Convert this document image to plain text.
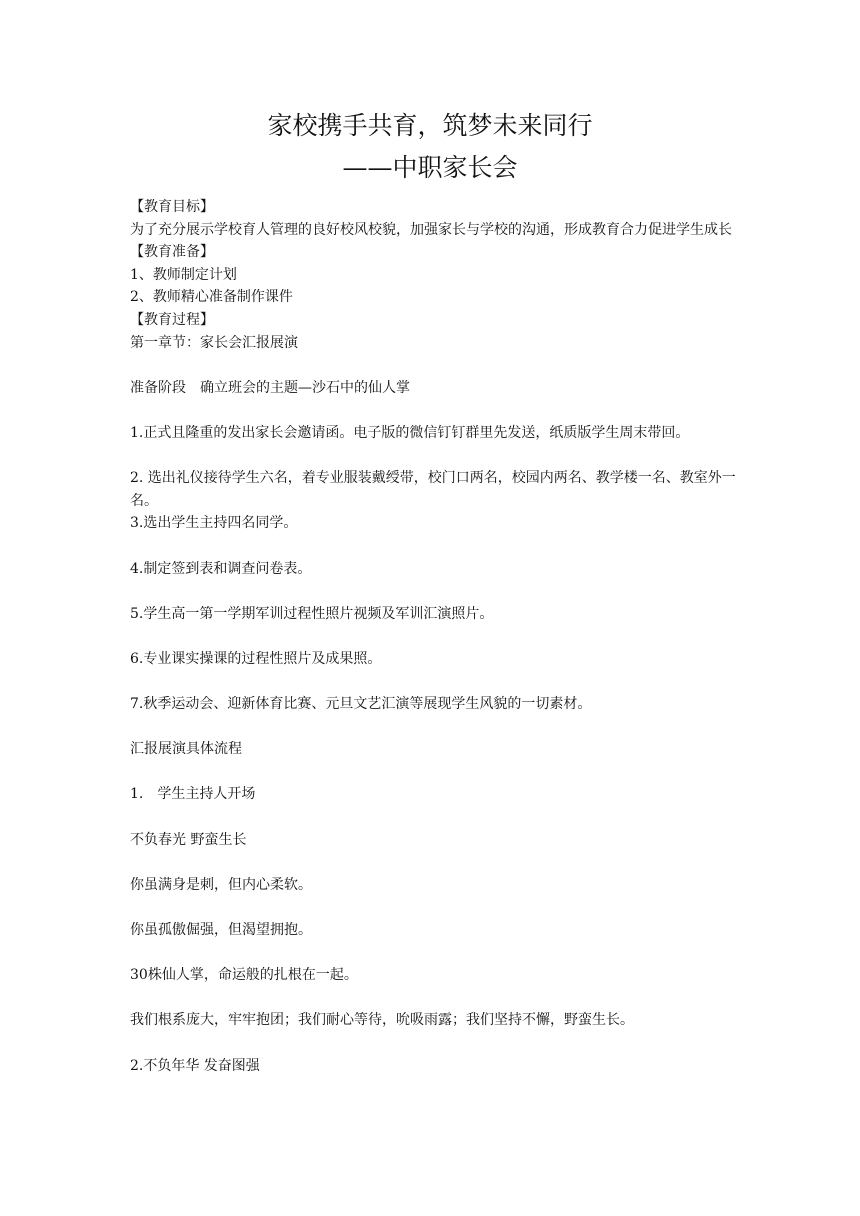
家校携手共育，筑梦未来同行
——中职家长会

【教育目标】

为了充分展示学校育人管理的良好校风校貌，加强家长与学校的沟通，形成教育合力促进学生成长

【教育准备】

1、教师制定计划

2、教师精心准备制作课件

【教育过程】

第一章节：家长会汇报展演

准备阶段　确立班会的主题—沙石中的仙人掌

1.正式且隆重的发出家长会邀请函。电子版的微信钉钉群里先发送，纸质版学生周末带回。

2. 选出礼仪接待学生六名，着专业服装戴绶带，校门口两名，校园内两名、教学楼一名、教室外一名。

3.选出学生主持四名同学。

4.制定签到表和调查问卷表。

5.学生高一第一学期军训过程性照片视频及军训汇演照片。

6.专业课实操课的过程性照片及成果照。

7.秋季运动会、迎新体育比赛、元旦文艺汇演等展现学生风貌的一切素材。

汇报展演具体流程

1.　学生主持人开场

不负春光 野蛮生长

你虽满身是刺，但内心柔软。

你虽孤傲倔强，但渴望拥抱。

30株仙人掌，命运般的扎根在一起。

我们根系庞大，牢牢抱团；我们耐心等待，吮吸雨露；我们坚持不懈，野蛮生长。

2.不负年华 发奋图强
